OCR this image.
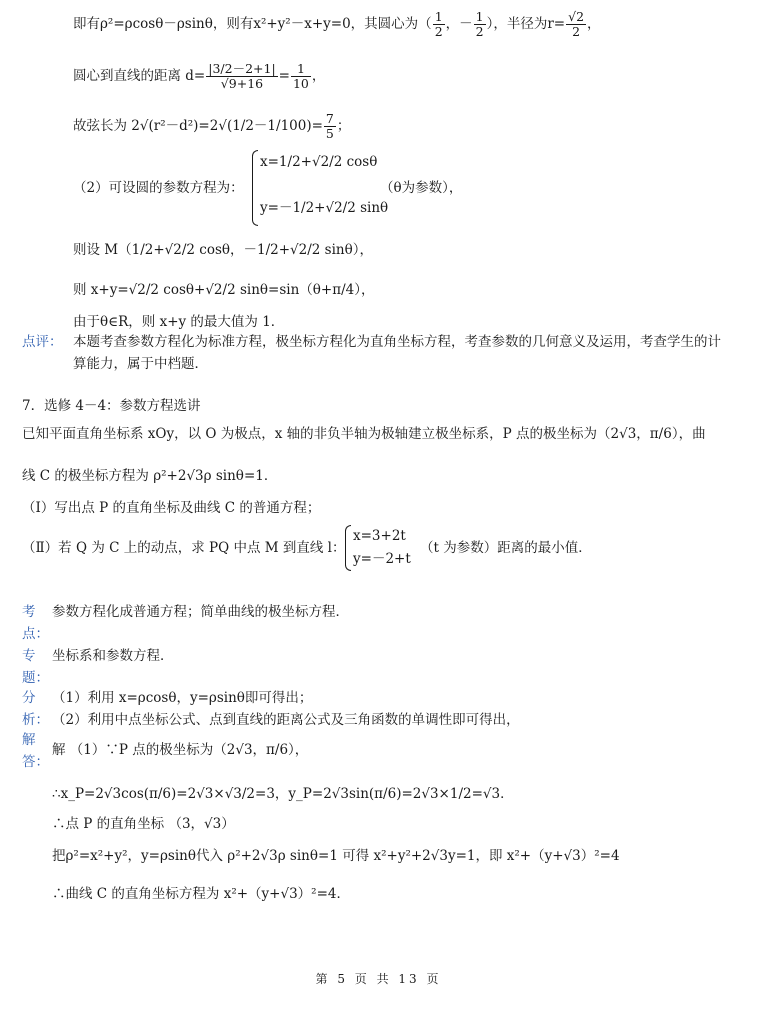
即有ρ²=ρcosθ－ρsinθ，则有x²+y²－x+y=0，其圆心为（ $\frac{1}{2}$ ，－ $\frac{1}{2}$ ），半径为$r= \frac{√2}{2}$ ，
圆心到直线的距离 $d= \frac{|3/2-2+1|}{√9+16} = \frac{1}{10}$ ，
故弦长为 $2√(r^2-d^2)=2√(1/2-1/100)= \frac{7}{5}$ ；
（2）可设圆的参数方程为：
x=1/2+√2/2 cosθ
y=－1/2+√2/2 sinθ
（θ为参数），
则设 M（1/2+√2/2 cosθ，－1/2+√2/2 sinθ），
则 x+y=√2/2 cosθ+√2/2 sinθ=sin（θ+π/4），
由于θ∈R，则 x+y 的最大值为 1．
点评： 本题考查参数方程化为标准方程，极坐标方程化为直角坐标方程，考查参数的几何意义及运用，考查学生的计
算能力，属于中档题．
7．选修 4－4：参数方程选讲
已知平面直角坐标系 xOy，以 O 为极点，x 轴的非负半轴为极轴建立极坐标系，P 点的极坐标为（2√3，π/6），曲
线 C 的极坐标方程为 ρ²+2√3ρ sinθ=1．
（Ⅰ）写出点 P 的直角坐标及曲线 C 的普通方程；
（Ⅱ）若 Q 为 C 上的动点，求 PQ 中点 M 到直线 l：
x=3+2t
y=－2+t
（t 为参数）距离的最小值．
考
点：
参数方程化成普通方程；简单曲线的极坐标方程．
专
题：
坐标系和参数方程．
分
析：
（1）利用 x=ρcosθ，y=ρsinθ即可得出；
（2）利用中点坐标公式、点到直线的距离公式及三角函数的单调性即可得出，
解
答：
解 （1）∵P 点的极坐标为（2√3，π/6），
∴x_P=2√3cos(π/6)=2√3×√3/2=3，y_P=2√3sin(π/6)=2√3×1/2=√3．
∴点 P 的直角坐标 （3，√3）
把ρ²=x²+y²，y=ρsinθ代入 ρ²+2√3ρ sinθ=1 可得 x²+y²+2√3y=1，即 x²+（y+√3）²=4
∴曲线 C 的直角坐标方程为 x²+（y+√3）²=4．
第 5 页 共 13 页
